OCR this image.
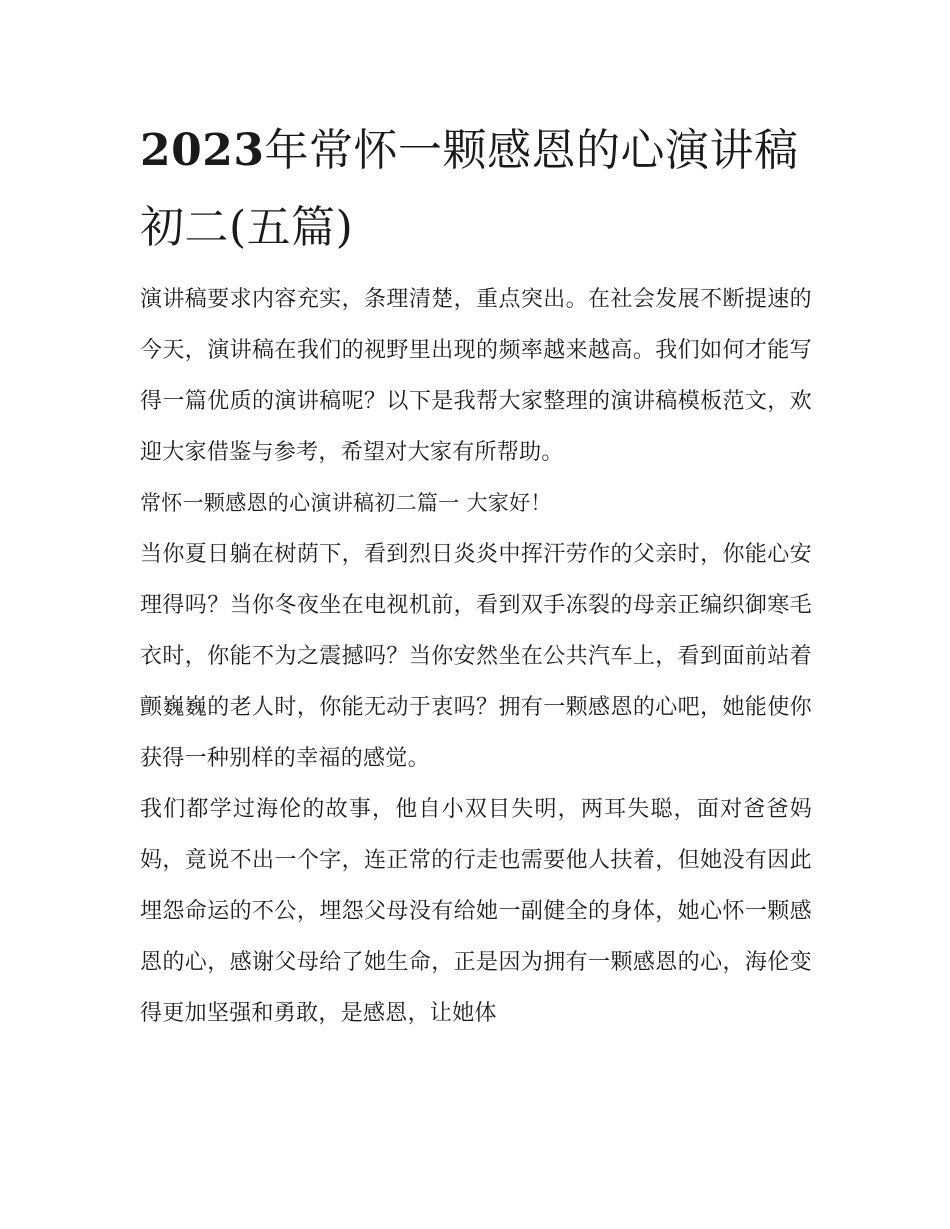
2023年常怀一颗感恩的心演讲稿初二(五篇)

演讲稿要求内容充实，条理清楚，重点突出。在社会发展不断提速的今天，演讲稿在我们的视野里出现的频率越来越高。我们如何才能写得一篇优质的演讲稿呢？以下是我帮大家整理的演讲稿模板范文，欢迎大家借鉴与参考，希望对大家有所帮助。

常怀一颗感恩的心演讲稿初二篇一 大家好！

当你夏日躺在树荫下，看到烈日炎炎中挥汗劳作的父亲时，你能心安理得吗？当你冬夜坐在电视机前，看到双手冻裂的母亲正编织御寒毛衣时，你能不为之震撼吗？当你安然坐在公共汽车上，看到面前站着颤巍巍的老人时，你能无动于衷吗？拥有一颗感恩的心吧，她能使你获得一种别样的幸福的感觉。

我们都学过海伦的故事，他自小双目失明，两耳失聪，面对爸爸妈妈，竟说不出一个字，连正常的行走也需要他人扶着，但她没有因此埋怨命运的不公，埋怨父母没有给她一副健全的身体，她心怀一颗感恩的心，感谢父母给了她生命，正是因为拥有一颗感恩的心，海伦变得更加坚强和勇敢，是感恩，让她体
